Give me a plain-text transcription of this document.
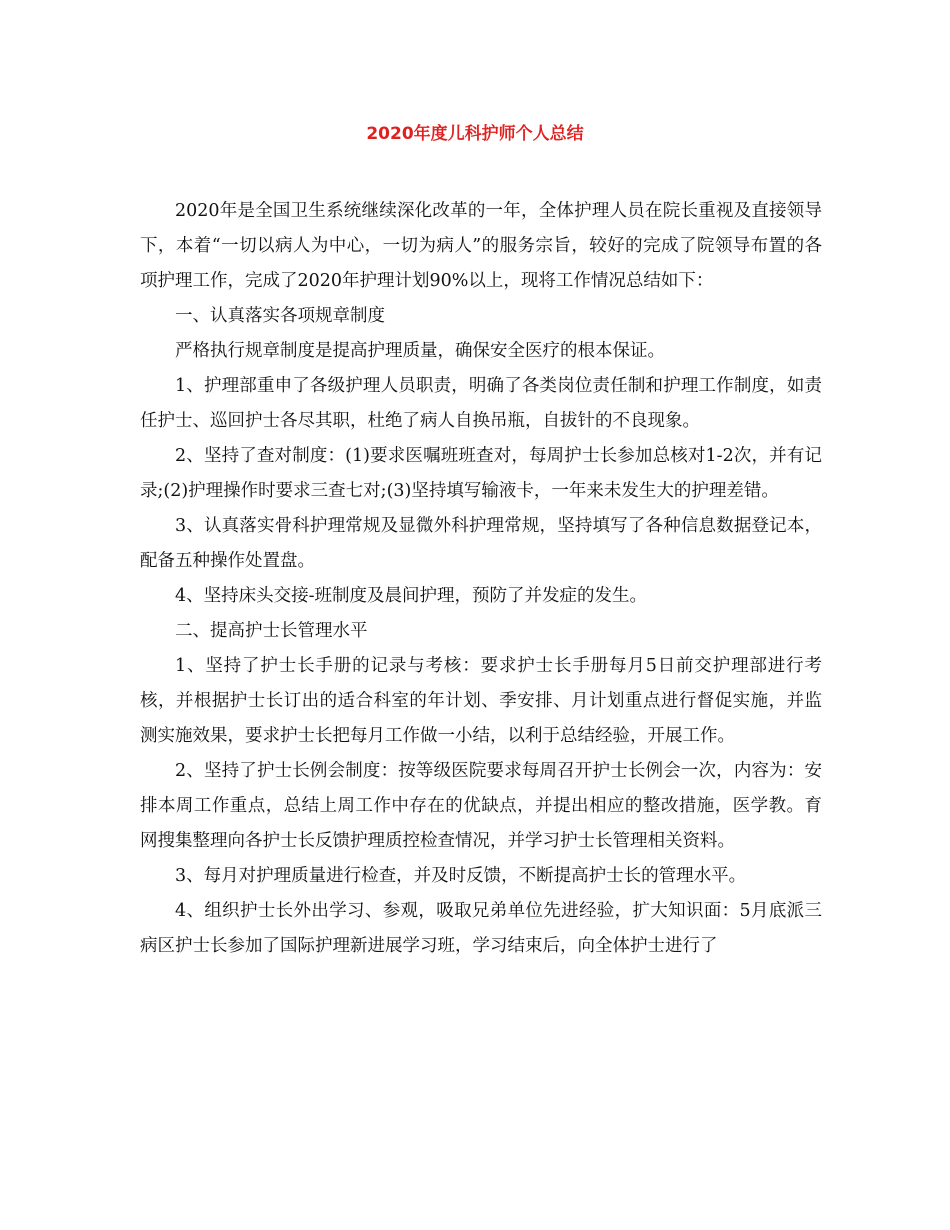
2020年度儿科护师个人总结

2020年是全国卫生系统继续深化改革的一年，全体护理人员在院长重视及直接领导下，本着“一切以病人为中心，一切为病人”的服务宗旨，较好的完成了院领导布置的各项护理工作，完成了2020年护理计划90%以上，现将工作情况总结如下：

一、认真落实各项规章制度

严格执行规章制度是提高护理质量，确保安全医疗的根本保证。

1、护理部重申了各级护理人员职责，明确了各类岗位责任制和护理工作制度，如责任护士、巡回护士各尽其职，杜绝了病人自换吊瓶，自拔针的不良现象。

2、坚持了查对制度：(1)要求医嘱班班查对，每周护士长参加总核对1-2次，并有记录;(2)护理操作时要求三查七对;(3)坚持填写输液卡，一年来未发生大的护理差错。

3、认真落实骨科护理常规及显微外科护理常规，坚持填写了各种信息数据登记本，配备五种操作处置盘。

4、坚持床头交接-班制度及晨间护理，预防了并发症的发生。

二、提高护士长管理水平

1、坚持了护士长手册的记录与考核：要求护士长手册每月5日前交护理部进行考核，并根据护士长订出的适合科室的年计划、季安排、月计划重点进行督促实施，并监测实施效果，要求护士长把每月工作做一小结，以利于总结经验，开展工作。

2、坚持了护士长例会制度：按等级医院要求每周召开护士长例会一次，内容为：安排本周工作重点，总结上周工作中存在的优缺点，并提出相应的整改措施，医学教。育网搜集整理向各护士长反馈护理质控检查情况，并学习护士长管理相关资料。

3、每月对护理质量进行检查，并及时反馈，不断提高护士长的管理水平。

4、组织护士长外出学习、参观，吸取兄弟单位先进经验，扩大知识面：5月底派三病区护士长参加了国际护理新进展学习班，学习结束后，向全体护士进行了
